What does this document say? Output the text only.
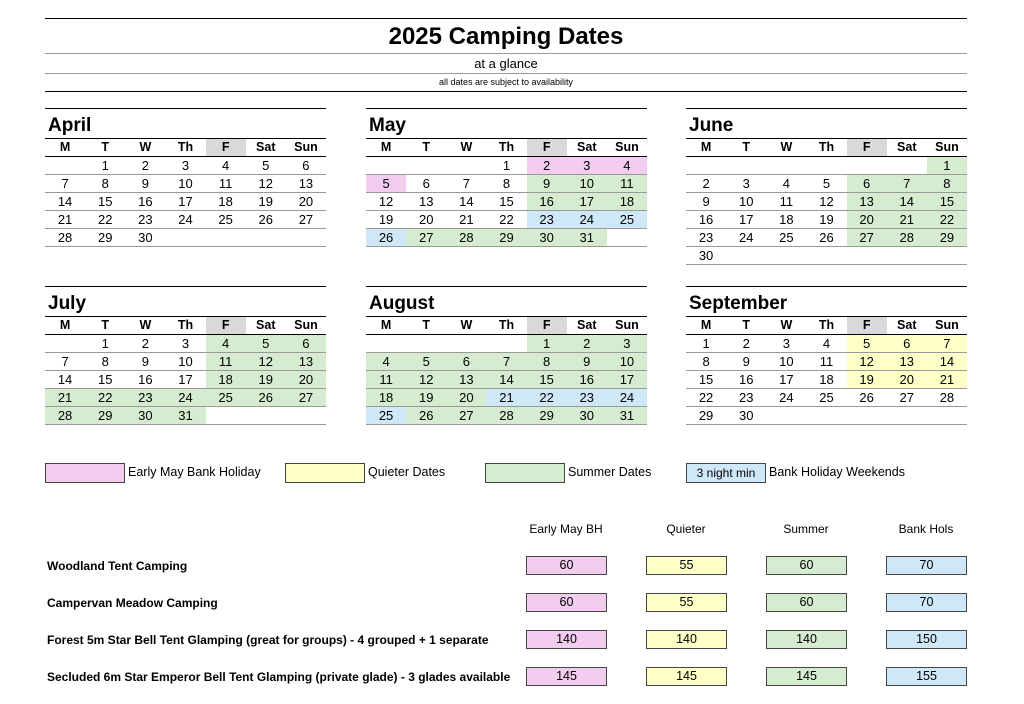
2025 Camping Dates
at a glance
all dates are subject to availability
April
M	T	W	Th	F	Sat	Sun
	1	2	3	4	5	6
7	8	9	10	11	12	13
14	15	16	17	18	19	20
21	22	23	24	25	26	27
28	29	30				
May
M	T	W	Th	F	Sat	Sun
			1	2	3	4
5	6	7	8	9	10	11
12	13	14	15	16	17	18
19	20	21	22	23	24	25
26	27	28	29	30	31	
June
M	T	W	Th	F	Sat	Sun
						1
2	3	4	5	6	7	8
9	10	11	12	13	14	15
16	17	18	19	20	21	22
23	24	25	26	27	28	29
30						
July
M	T	W	Th	F	Sat	Sun
	1	2	3	4	5	6
7	8	9	10	11	12	13
14	15	16	17	18	19	20
21	22	23	24	25	26	27
28	29	30	31			
August
M	T	W	Th	F	Sat	Sun
				1	2	3
4	5	6	7	8	9	10
11	12	13	14	15	16	17
18	19	20	21	22	23	24
25	26	27	28	29	30	31
September
M	T	W	Th	F	Sat	Sun
1	2	3	4	5	6	7
8	9	10	11	12	13	14
15	16	17	18	19	20	21
22	23	24	25	26	27	28
29	30					
Early May Bank Holiday	Quieter Dates	Summer Dates	3 night min	Bank Holiday Weekends
Early May BH	Quieter	Summer	Bank Hols
Woodland Tent Camping	60	55	60	70
Campervan Meadow Camping	60	55	60	70
Forest 5m Star Bell Tent Glamping (great for groups) - 4 grouped + 1 separate	140	140	140	150
Secluded 6m Star Emperor Bell Tent Glamping (private glade) - 3 glades available	145	145	145	155
